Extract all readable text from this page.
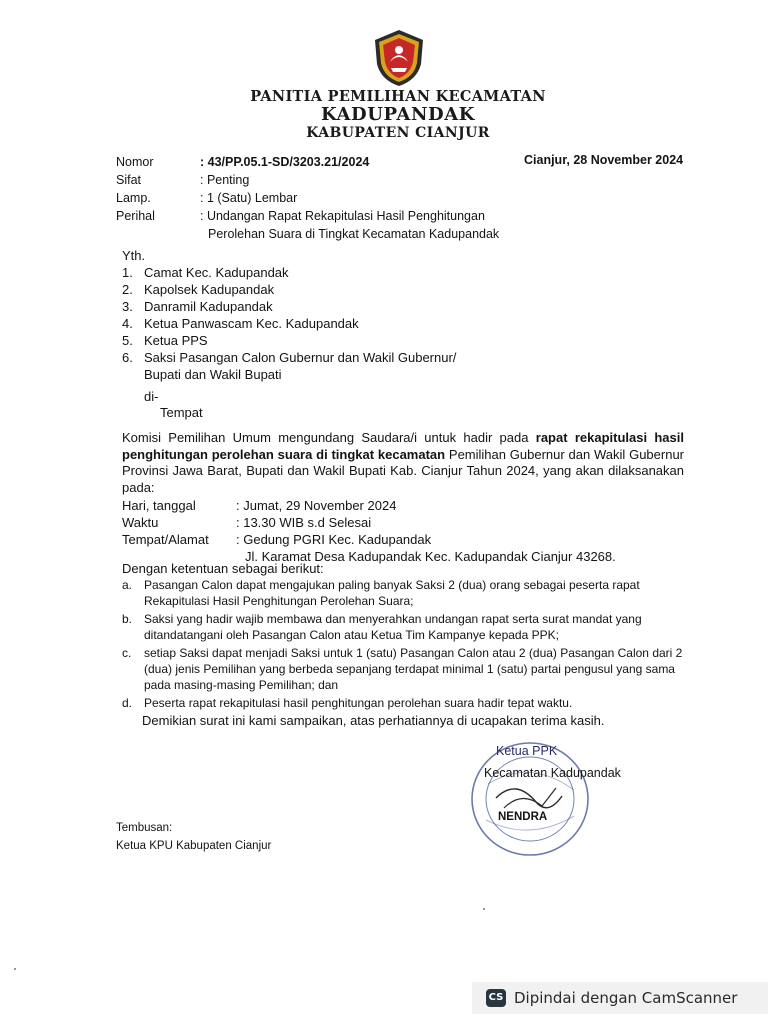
PANITIA PEMILIHAN KECAMATAN
KADUPANDAK
KABUPATEN CIANJUR
Nomor	: 43/PP.05.1-SD/3203.21/2024
Sifat	: Penting
Lamp.	: 1 (Satu) Lembar
Perihal	: Undangan Rapat Rekapitulasi Hasil Penghitungan
Perolehan Suara di Tingkat Kecamatan Kadupandak
Cianjur, 28 November 2024
Yth.
1. Camat Kec. Kadupandak
2. Kapolsek Kadupandak
3. Danramil Kadupandak
4. Ketua Panwascam Kec. Kadupandak
5. Ketua PPS
6. Saksi Pasangan Calon Gubernur dan Wakil Gubernur/
Bupati dan Wakil Bupati
di-
Tempat
Komisi Pemilihan Umum mengundang Saudara/i untuk hadir pada rapat rekapitulasi hasil penghitungan perolehan suara di tingkat kecamatan Pemilihan Gubernur dan Wakil Gubernur Provinsi Jawa Barat, Bupati dan Wakil Bupati Kab. Cianjur Tahun 2024, yang akan dilaksanakan pada:
Hari, tanggal	: Jumat, 29 November 2024
Waktu	: 13.30 WIB s.d Selesai
Tempat/Alamat	: Gedung PGRI Kec. Kadupandak
Jl. Karamat Desa Kadupandak Kec. Kadupandak Cianjur 43268.
Dengan ketentuan sebagai berikut:
a. Pasangan Calon dapat mengajukan paling banyak Saksi 2 (dua) orang sebagai peserta rapat Rekapitulasi Hasil Penghitungan Perolehan Suara;
b. Saksi yang hadir wajib membawa dan menyerahkan undangan rapat serta surat mandat yang ditandatangani oleh Pasangan Calon atau Ketua Tim Kampanye kepada PPK;
c.	setiap Saksi dapat menjadi Saksi untuk 1 (satu) Pasangan Calon atau 2 (dua) Pasangan Calon dari 2 (dua) jenis Pemilihan yang berbeda sepanjang terdapat minimal 1 (satu) partai pengusul yang sama pada masing-masing Pemilihan; dan
d. Peserta rapat rekapitulasi hasil penghitungan perolehan suara hadir tepat waktu.
Demikian surat ini kami sampaikan, atas perhatiannya di ucapakan terima kasih.
Ketua PPK
Kecamatan Kadupandak
NENDRA
Tembusan:
Ketua KPU Kabupaten Cianjur
CS Dipindai dengan CamScanner
